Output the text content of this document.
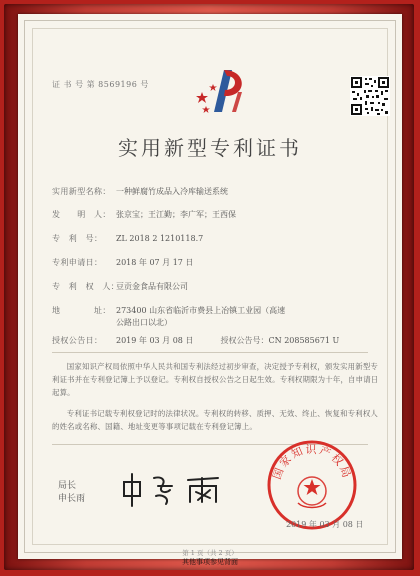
证 书 号 第 8569196 号
实用新型专利证书
实用新型名称： 一种鲜腐竹成品入冷库输送系统
发　　明　人： 张京宝；王江勤；李广军；王西保
专　利　号： ZL 2018 2 1210118.7
专利申请日： 2018 年 07 月 17 日
专　利　权　人：豆贡金食品有限公司
地　　　　址： 273400 山东省临沂市费县上冶镇工业园（高速公路出口以北）
授权公告日： 2019 年 03 月 08 日	授权公告号：CN 208585671 U
国家知识产权局依照中华人民共和国专利法经过初步审查，决定授予专利权，颁发实用新型专利证书并在专利登记簿上予以登记。专利权自授权公告之日起生效。专利权期限为十年，自申请日起算。
专利证书记载专利权登记时的法律状况。专利权的转移、质押、无效、终止、恢复和专利权人的姓名或名称、国籍、地址变更等事项记载在专利登记簿上。
局长
申长雨
国家知识产权局
2019 年 03 月 08 日
第 1 页（共 2 页）
其他事项参见背面
